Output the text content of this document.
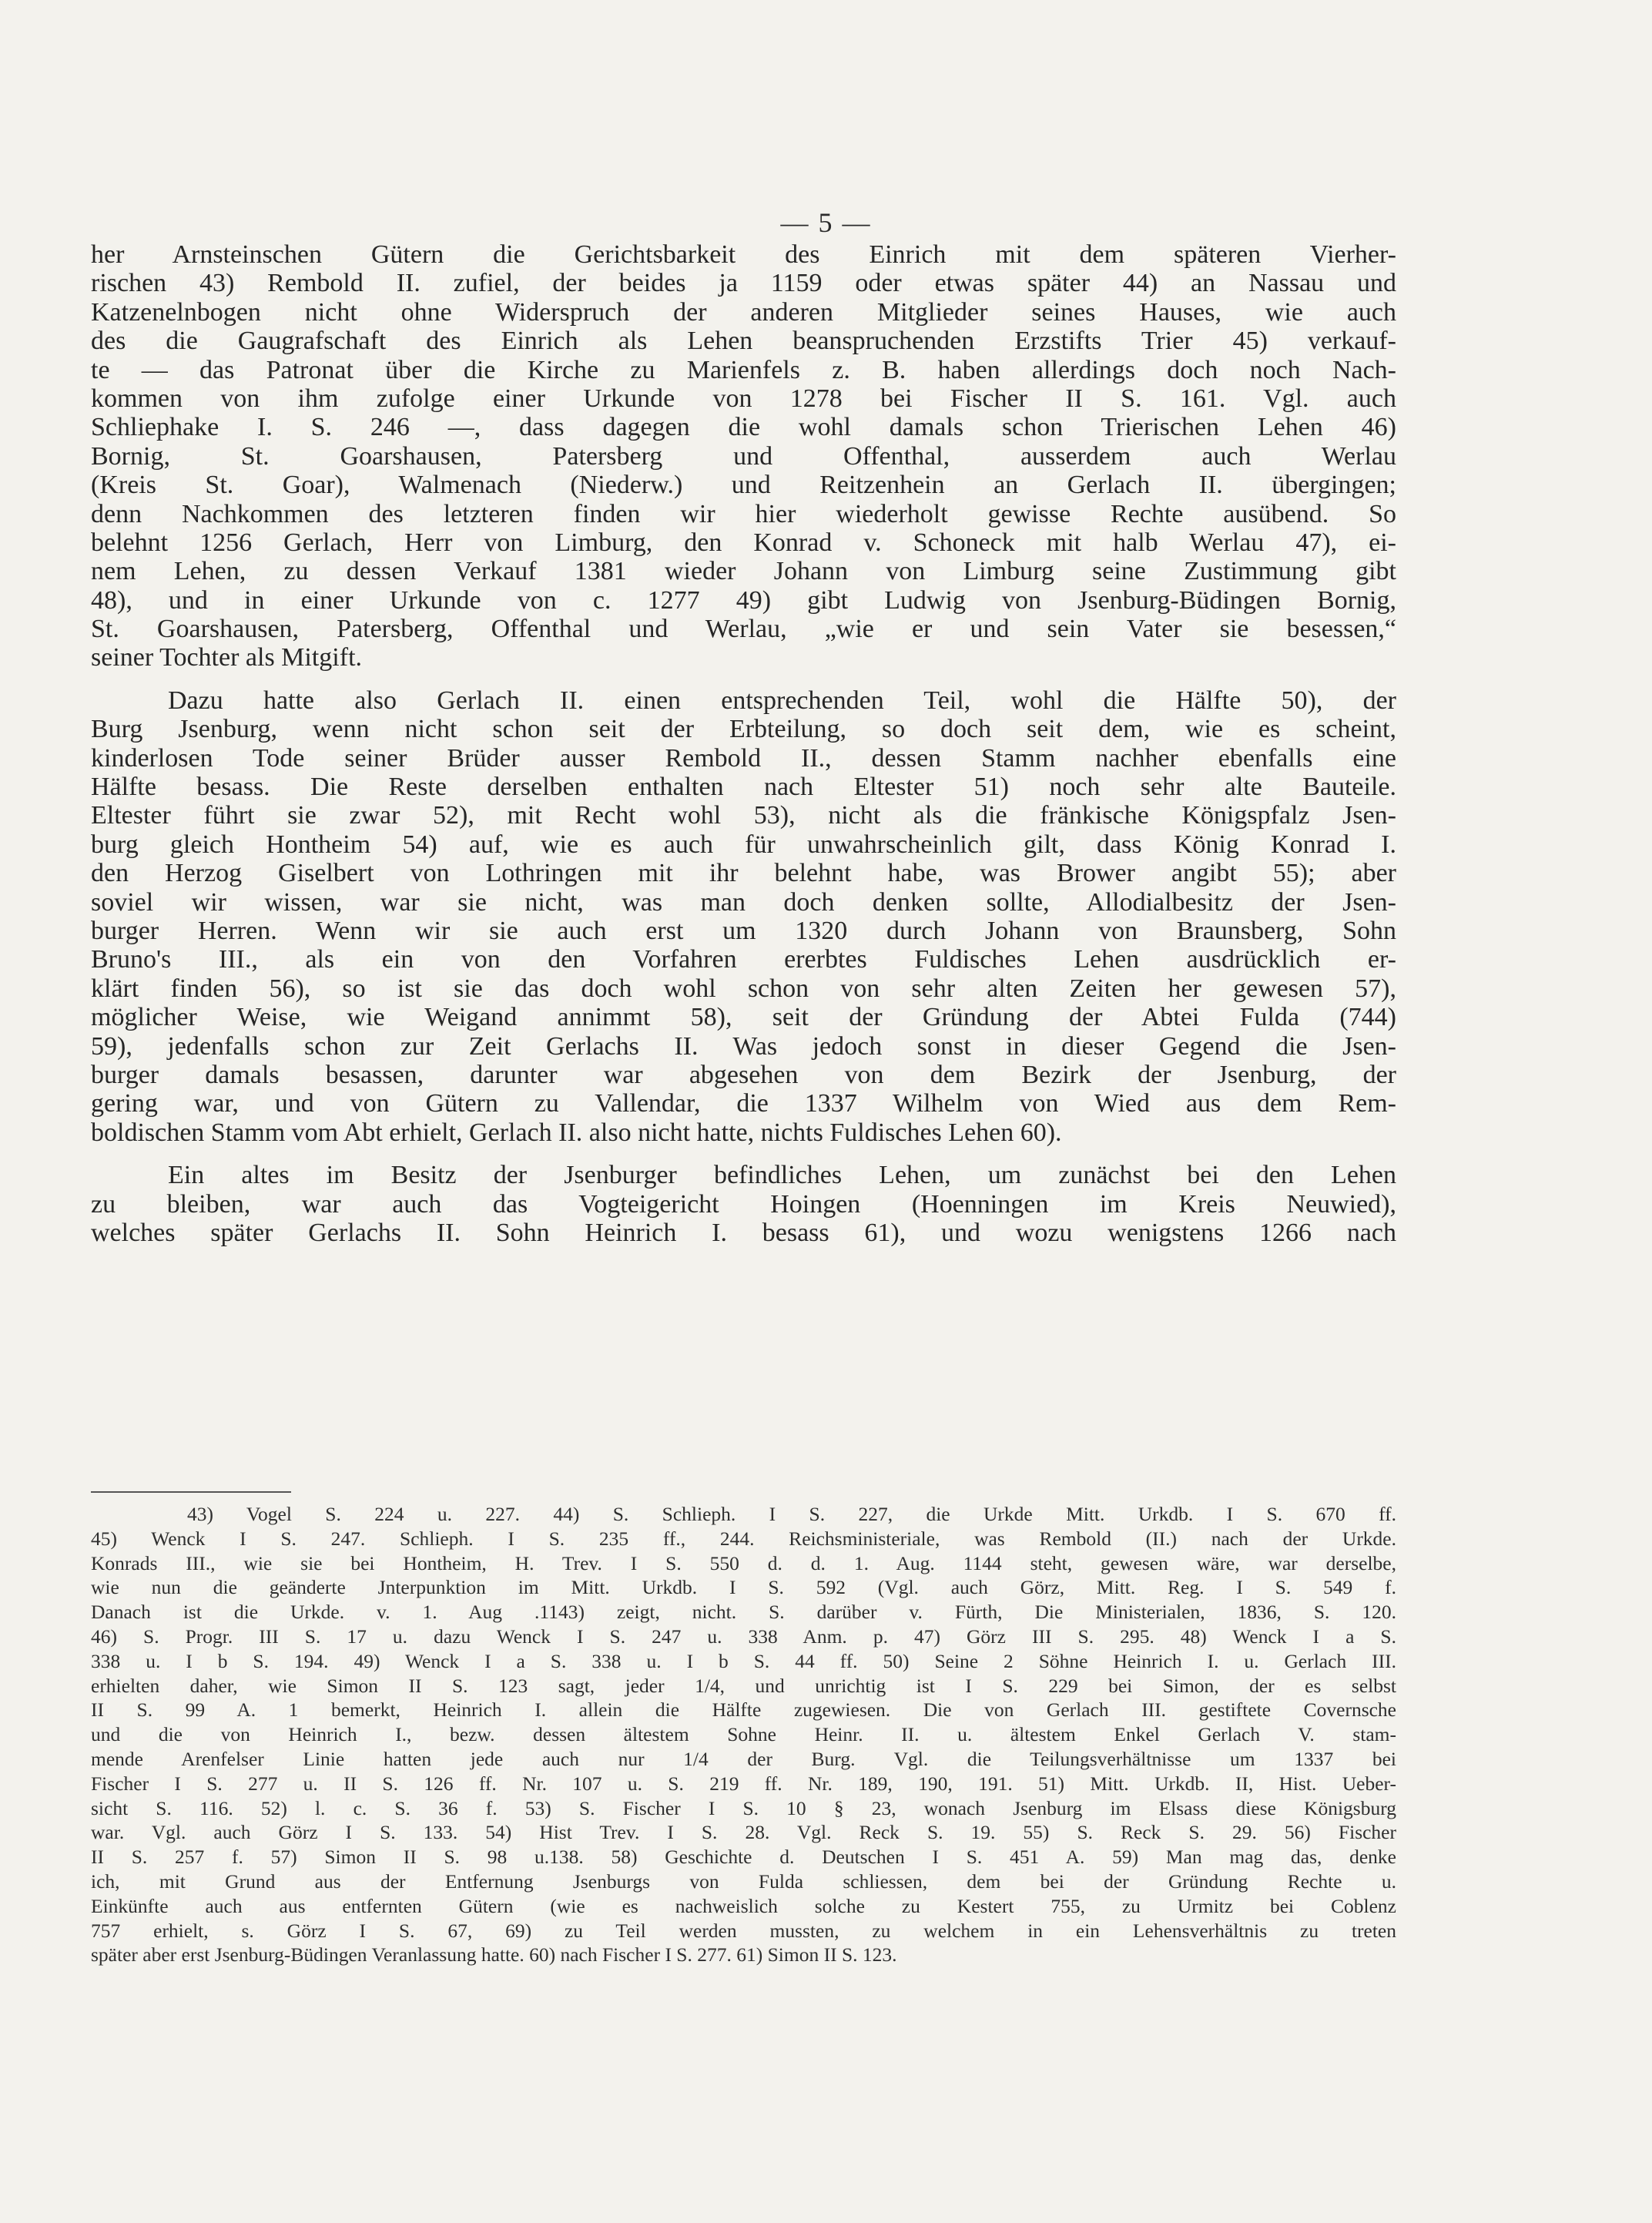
— 5 —
her Arnsteinschen Gütern die Gerichtsbarkeit des Einrich mit dem späteren Vierher-
rischen 43) Rembold II. zufiel, der beides ja 1159 oder etwas später 44) an Nassau und
Katzenelnbogen nicht ohne Widerspruch der anderen Mitglieder seines Hauses, wie auch
des die Gaugrafschaft des Einrich als Lehen beanspruchenden Erzstifts Trier 45) verkauf-
te — das Patronat über die Kirche zu Marienfels z. B. haben allerdings doch noch Nach-
kommen von ihm zufolge einer Urkunde von 1278 bei Fischer II S. 161. Vgl. auch
Schliephake I. S. 246 —, dass dagegen die wohl damals schon Trierischen Lehen 46)
Bornig, St. Goarshausen, Patersberg und Offenthal, ausserdem auch Werlau
(Kreis St. Goar), Walmenach (Niederw.) und Reitzenhein an Gerlach II. übergingen;
denn Nachkommen des letzteren finden wir hier wiederholt gewisse Rechte ausübend. So
belehnt 1256 Gerlach, Herr von Limburg, den Konrad v. Schoneck mit halb Werlau 47), ei-
nem Lehen, zu dessen Verkauf 1381 wieder Johann von Limburg seine Zustimmung gibt
48), und in einer Urkunde von c. 1277 49) gibt Ludwig von Jsenburg-Büdingen Bornig,
St. Goarshausen, Patersberg, Offenthal und Werlau, „wie er und sein Vater sie besessen,“
seiner Tochter als Mitgift.
Dazu hatte also Gerlach II. einen entsprechenden Teil, wohl die Hälfte 50), der
Burg Jsenburg, wenn nicht schon seit der Erbteilung, so doch seit dem, wie es scheint,
kinderlosen Tode seiner Brüder ausser Rembold II., dessen Stamm nachher ebenfalls eine
Hälfte besass. Die Reste derselben enthalten nach Eltester 51) noch sehr alte Bauteile.
Eltester führt sie zwar 52), mit Recht wohl 53), nicht als die fränkische Königspfalz Jsen-
burg gleich Hontheim 54) auf, wie es auch für unwahrscheinlich gilt, dass König Konrad I.
den Herzog Giselbert von Lothringen mit ihr belehnt habe, was Brower angibt 55); aber
soviel wir wissen, war sie nicht, was man doch denken sollte, Allodialbesitz der Jsen-
burger Herren. Wenn wir sie auch erst um 1320 durch Johann von Braunsberg, Sohn
Bruno's III., als ein von den Vorfahren ererbtes Fuldisches Lehen ausdrücklich er-
klärt finden 56), so ist sie das doch wohl schon von sehr alten Zeiten her gewesen 57),
möglicher Weise, wie Weigand annimmt 58), seit der Gründung der Abtei Fulda (744)
59), jedenfalls schon zur Zeit Gerlachs II. Was jedoch sonst in dieser Gegend die Jsen-
burger damals besassen, darunter war abgesehen von dem Bezirk der Jsenburg, der
gering war, und von Gütern zu Vallendar, die 1337 Wilhelm von Wied aus dem Rem-
boldischen Stamm vom Abt erhielt, Gerlach II. also nicht hatte, nichts Fuldisches Lehen 60).
Ein altes im Besitz der Jsenburger befindliches Lehen, um zunächst bei den Lehen
zu bleiben, war auch das Vogteigericht Hoingen (Hoenningen im Kreis Neuwied),
welches später Gerlachs II. Sohn Heinrich I. besass 61), und wozu wenigstens 1266 nach
43) Vogel S. 224 u. 227. 44) S. Schlieph. I S. 227, die Urkde Mitt. Urkdb. I S. 670 ff.
45) Wenck I S. 247. Schlieph. I S. 235 ff., 244. Reichsministeriale, was Rembold (II.) nach der Urkde.
Konrads III., wie sie bei Hontheim, H. Trev. I S. 550 d. d. 1. Aug. 1144 steht, gewesen wäre, war derselbe,
wie nun die geänderte Jnterpunktion im Mitt. Urkdb. I S. 592 (Vgl. auch Görz, Mitt. Reg. I S. 549 f.
Danach ist die Urkde. v. 1. Aug .1143) zeigt, nicht. S. darüber v. Fürth, Die Ministerialen, 1836, S. 120.
46) S. Progr. III S. 17 u. dazu Wenck I S. 247 u. 338 Anm. p. 47) Görz III S. 295. 48) Wenck I a S.
338 u. I b S. 194. 49) Wenck I a S. 338 u. I b S. 44 ff. 50) Seine 2 Söhne Heinrich I. u. Gerlach III.
erhielten daher, wie Simon II S. 123 sagt, jeder 1/4, und unrichtig ist I S. 229 bei Simon, der es selbst
II S. 99 A. 1 bemerkt, Heinrich I. allein die Hälfte zugewiesen. Die von Gerlach III. gestiftete Covernsche
und die von Heinrich I., bezw. dessen ältestem Sohne Heinr. II. u. ältestem Enkel Gerlach V. stam-
mende Arenfelser Linie hatten jede auch nur 1/4 der Burg. Vgl. die Teilungsverhältnisse um 1337 bei
Fischer I S. 277 u. II S. 126 ff. Nr. 107 u. S. 219 ff. Nr. 189, 190, 191. 51) Mitt. Urkdb. II, Hist. Ueber-
sicht S. 116. 52) l. c. S. 36 f. 53) S. Fischer I S. 10 § 23, wonach Jsenburg im Elsass diese Königsburg
war. Vgl. auch Görz I S. 133. 54) Hist Trev. I S. 28. Vgl. Reck S. 19. 55) S. Reck S. 29. 56) Fischer
II S. 257 f. 57) Simon II S. 98 u.138. 58) Geschichte d. Deutschen I S. 451 A. 59) Man mag das, denke
ich, mit Grund aus der Entfernung Jsenburgs von Fulda schliessen, dem bei der Gründung Rechte u.
Einkünfte auch aus entfernten Gütern (wie es nachweislich solche zu Kestert 755, zu Urmitz bei Coblenz
757 erhielt, s. Görz I S. 67, 69) zu Teil werden mussten, zu welchem in ein Lehensverhältnis zu treten
später aber erst Jsenburg-Büdingen Veranlassung hatte. 60) nach Fischer I S. 277. 61) Simon II S. 123.
